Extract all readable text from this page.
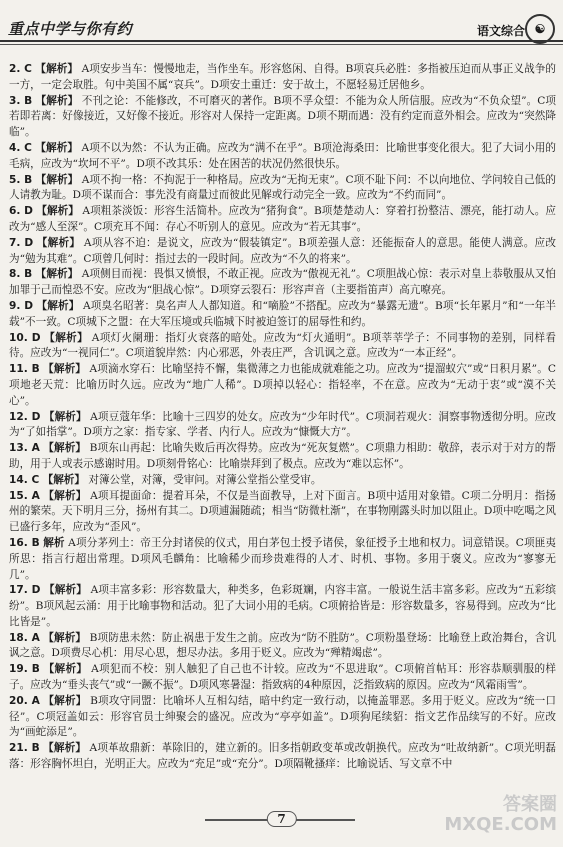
重点中学与你有约	语文综合 ☯

2. C 【解析】 A项安步当车：慢慢地走，当作坐车。形容悠闲、自得。B项哀兵必胜：多指被压迫而从事正义战争的一方，一定会取胜。句中美国不属“哀兵”。D项安土重迁：安于故土，不愿轻易迁居他乡。

3. B 【解析】 不刊之论：不能修改，不可磨灭的著作。B项不孚众望：不能为众人所信服。应改为“不负众望”。C项若即若离：好像接近，又好像不接近。形容对人保持一定距离。D项不期而遇：没有约定而意外相会。应改为“突然降临”。

4. C 【解析】 A项不以为然：不认为正确。应改为“满不在乎”。B项沧海桑田：比喻世事变化很大。犯了大词小用的毛病，应改为“坎坷不平”。D项不改其乐：处在困苦的状况仍然很快乐。

5. B 【解析】 A项不拘一格：不拘泥于一种格局。应改为“无拘无束”。C项不耻下问：不以向地位、学问较自己低的人请教为耻。D项不谋而合：事先没有商量过而彼此见解或行动完全一致。应改为“不约而同”。

6. D 【解析】 A项粗茶淡饭：形容生活简朴。应改为“猪狗食”。B项楚楚动人：穿着打扮整洁、漂亮，能打动人。应改为“感人至深”。C项充耳不闻：存心不听别人的意见。应改为“若无其事”。

7. D 【解析】 A项从容不迫：是说文，应改为“假装镇定”。B项差强人意：还能振奋人的意思。能使人满意。应改为“勉为其难”。C项曾几何时：指过去的一段时间。应改为“不久的将来”。

8. B 【解析】 A项侧目而视：畏惧又愤恨，不敢正视。应改为“傲视无礼”。C项胆战心惊：表示对皇上恭敬服从又怕加罪于己而惶恐不安。应改为“胆战心惊”。D项穿云裂石：形容声音（主要指笛声）高亢嘹亮。

9. D 【解析】 A项臭名昭著：臭名声人人都知道。和“嘀脸”不搭配。应改为“暴露无遗”。B项“长年累月”和“一年半载”不一致。C项城下之盟：在大军压境或兵临城下时被迫签订的屈辱性和约。

10. D 【解析】 A项灯火阑珊：指灯火衰落的暗处。应改为“灯火通明”。B项莘莘学子：不同事物的差别，同样看待。应改为“一视同仁”。C项道貌岸然：内心邪恶，外表庄严，含讥讽之意。应改为“一本正经”。

11. B 【解析】 A项滴水穿石：比喻坚持不懈，集微薄之力也能成就难能之功。应改为“提溜蚁穴”或“日积月累”。C项地老天荒：比喻历时久远。应改为“地广人稀”。D项掉以轻心：指轻率，不在意。应改为“无动于衷”或“漠不关心”。

12. D 【解析】 A项豆蔻年华：比喻十三四岁的处女。应改为“少年时代”。C项洞若观火：洞察事物透彻分明。应改为“了如指掌”。D项方之家：指专家、学者、内行人。应改为“慷慨大方”。

13. A 【解析】 B项东山再起：比喻失败后再次得势。应改为“死灰复燃”。C项鼎力相助：敬辞，表示对于对方的帮助，用于人或表示感谢时用。D项刻骨铭心：比喻崇拜到了极点。应改为“难以忘怀”。

14. C 【解析】 对簿公堂，对簿，受审问。对簿公堂指公堂受审。

15. A 【解析】 A项耳提面命：提着耳朵，不仅是当面教导，上对下面言。B项中适用对象错。C项二分明月：指扬州的繁荣。天下明月三分，扬州有其二。D项逋漏随疏；相当“防微杜渐”，在事物刚露头时加以阻止。D项中吃喝之风已盛行多年，应改为“歪风”。

16. B 解析 A项分茅列土：帝王分封诸侯的仪式，用白茅包土授予诸侯，象征授予土地和权力。词意错误。C项匪夷所思：指言行超出常理。D项风毛麟角：比喻稀少而珍贵难得的人才、时机、事物。多用于褒义。应改为“寥寥无几”。

17. D 【解析】 A项丰富多彩：形容数量大，种类多，色彩斑斓，内容丰富。一般说生活丰富多彩。应改为“五彩缤纷”。B项风起云涌：用于比喻事物和活动。犯了大词小用的毛病。C项俯拾皆是：形容数量多，容易得到。应改为“比比皆是”。

18. A 【解析】 B项防患未然：防止祸患于发生之前。应改为“防不胜防”。C项粉墨登场：比喻登上政治舞台，含讥讽之意。D项费尽心机：用尽心思，想尽办法。多用于贬义。应改为“殚精竭虑”。

19. B 【解析】 A项犯而不校：别人触犯了自己也不计较。应改为“不思进取”。C项俯首帖耳：形容恭顺驯服的样子。应改为“垂头丧气”或“一蹶不振”。D项风寒暑湿：指致病的4种原因，泛指致病的原因。应改为“风霜雨雪”。

20. A 【解析】 B项攻守同盟：比喻坏人互相勾结，暗中约定一致行动，以掩盖罪恶。多用于贬义。应改为“统一口径”。C项冠盖如云：形容官员士绅聚会的盛况。应改为“亭亭如盖”。D项狗尾续貂：指文艺作品续写的不好。应改为“画蛇添足”。

21. B 【解析】 A项革故鼎新：革除旧的，建立新的。旧多指朝政变革或改朝换代。应改为“吐故纳新”。C项光明磊落：形容胸怀坦白，光明正大。应改为“充足”或“充分”。D项隔靴搔痒：比喻说话、写文章不中

7
答案圈
MXQE.COM
